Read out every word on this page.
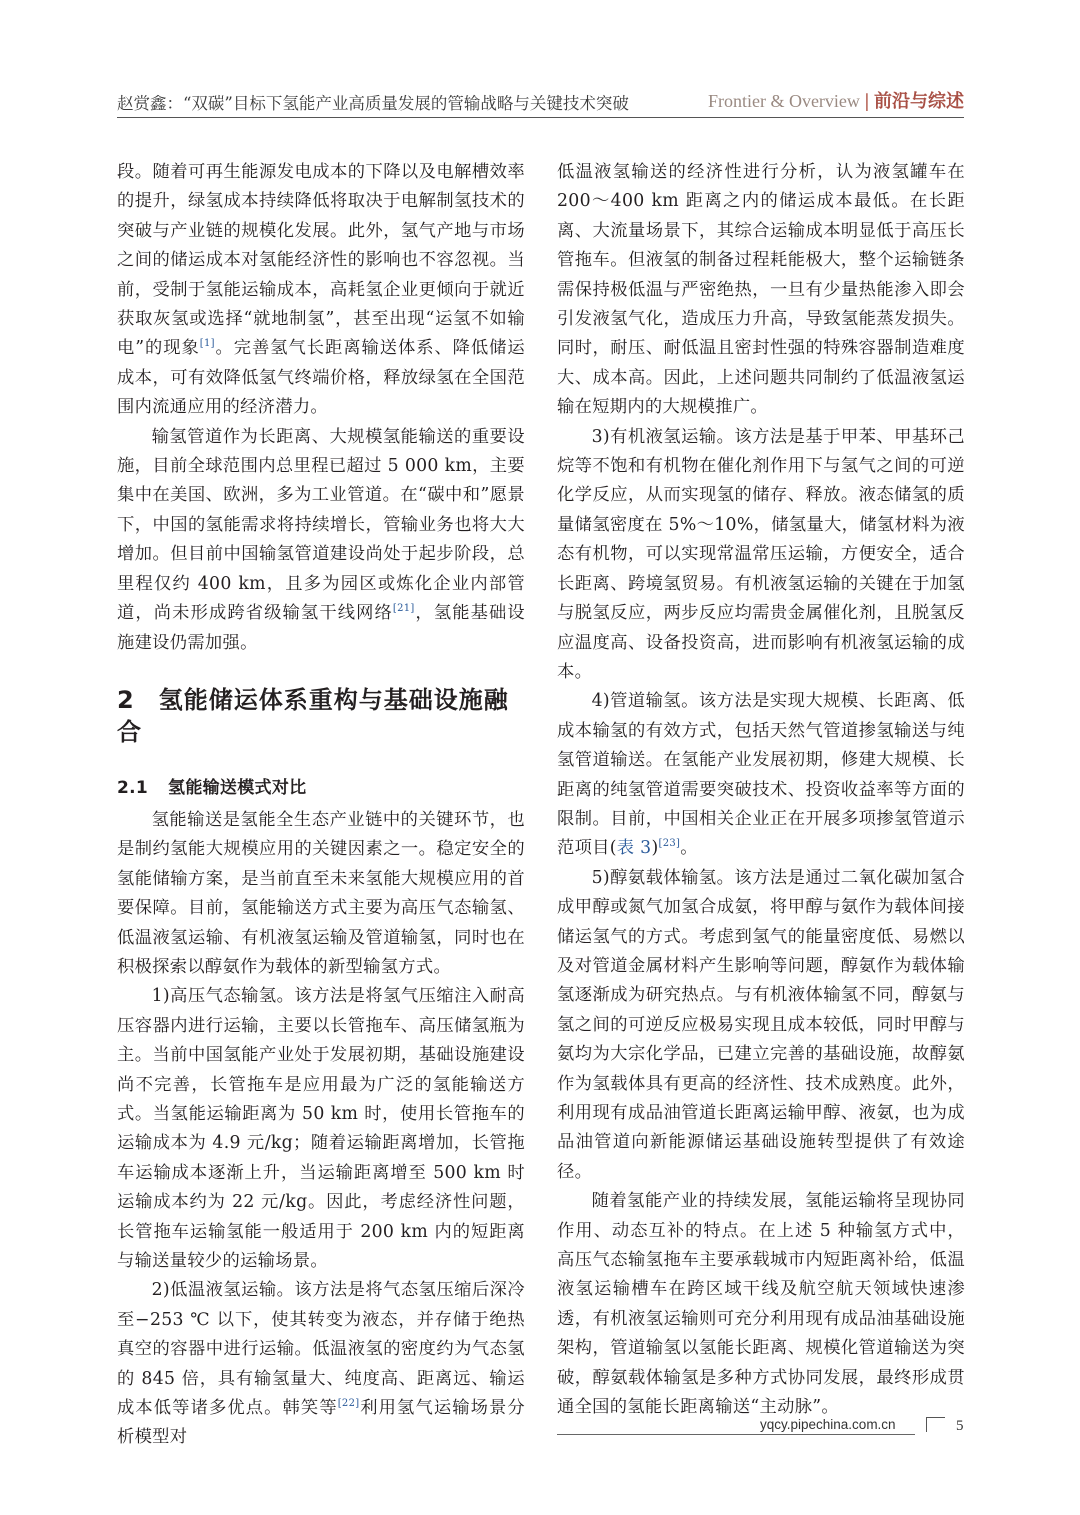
赵赏鑫：“双碳”目标下氢能产业高质量发展的管输战略与关键技术突破	Frontier & Overview | 前沿与综述

段。随着可再生能源发电成本的下降以及电解槽效率的提升，绿氢成本持续降低将取决于电解制氢技术的突破与产业链的规模化发展。此外，氢气产地与市场之间的储运成本对氢能经济性的影响也不容忽视。当前，受制于氢能运输成本，高耗氢企业更倾向于就近获取灰氢或选择“就地制氢”，甚至出现“运氢不如输电”的现象[1]。完善氢气长距离输送体系、降低储运成本，可有效降低氢气终端价格，释放绿氢在全国范围内流通应用的经济潜力。

输氢管道作为长距离、大规模氢能输送的重要设施，目前全球范围内总里程已超过 5 000 km，主要集中在美国、欧洲，多为工业管道。在“碳中和”愿景下，中国的氢能需求将持续增长，管输业务也将大大增加。但目前中国输氢管道建设尚处于起步阶段，总里程仅约 400 km，且多为园区或炼化企业内部管道，尚未形成跨省级输氢干线网络[21]，氢能基础设施建设仍需加强。

2 氢能储运体系重构与基础设施融合
2.1 氢能输送模式对比

氢能输送是氢能全生态产业链中的关键环节，也是制约氢能大规模应用的关键因素之一。稳定安全的氢能储输方案，是当前直至未来氢能大规模应用的首要保障。目前，氢能输送方式主要为高压气态输氢、低温液氢运输、有机液氢运输及管道输氢，同时也在积极探索以醇氨作为载体的新型输氢方式。

1)高压气态输氢。该方法是将氢气压缩注入耐高压容器内进行运输，主要以长管拖车、高压储氢瓶为主。当前中国氢能产业处于发展初期，基础设施建设尚不完善，长管拖车是应用最为广泛的氢能输送方式。当氢能运输距离为 50 km 时，使用长管拖车的运输成本为 4.9 元/kg；随着运输距离增加，长管拖车运输成本逐渐上升，当运输距离增至 500 km 时运输成本约为 22 元/kg。因此，考虑经济性问题，长管拖车运输氢能一般适用于 200 km 内的短距离与输送量较少的运输场景。

2)低温液氢运输。该方法是将气态氢压缩后深冷至−253 ℃ 以下，使其转变为液态，并存储于绝热真空的容器中进行运输。低温液氢的密度约为气态氢的 845 倍，具有输氢量大、纯度高、距离远、输运成本低等诸多优点。韩笑等[22]利用氢气运输场景分析模型对

低温液氢输送的经济性进行分析，认为液氢罐车在 200～400 km 距离之内的储运成本最低。在长距离、大流量场景下，其综合运输成本明显低于高压长管拖车。但液氢的制备过程耗能极大，整个运输链条需保持极低温与严密绝热，一旦有少量热能渗入即会引发液氢气化，造成压力升高，导致氢能蒸发损失。同时，耐压、耐低温且密封性强的特殊容器制造难度大、成本高。因此，上述问题共同制约了低温液氢运输在短期内的大规模推广。

3)有机液氢运输。该方法是基于甲苯、甲基环己烷等不饱和有机物在催化剂作用下与氢气之间的可逆化学反应，从而实现氢的储存、释放。液态储氢的质量储氢密度在 5%～10%，储氢量大，储氢材料为液态有机物，可以实现常温常压运输，方便安全，适合长距离、跨境氢贸易。有机液氢运输的关键在于加氢与脱氢反应，两步反应均需贵金属催化剂，且脱氢反应温度高、设备投资高，进而影响有机液氢运输的成本。

4)管道输氢。该方法是实现大规模、长距离、低成本输氢的有效方式，包括天然气管道掺氢输送与纯氢管道输送。在氢能产业发展初期，修建大规模、长距离的纯氢管道需要突破技术、投资收益率等方面的限制。目前，中国相关企业正在开展多项掺氢管道示范项目(表 3)[23]。

5)醇氨载体输氢。该方法是通过二氧化碳加氢合成甲醇或氮气加氢合成氨，将甲醇与氨作为载体间接储运氢气的方式。考虑到氢气的能量密度低、易燃以及对管道金属材料产生影响等问题，醇氨作为载体输氢逐渐成为研究热点。与有机液体输氢不同，醇氨与氢之间的可逆反应极易实现且成本较低，同时甲醇与氨均为大宗化学品，已建立完善的基础设施，故醇氨作为氢载体具有更高的经济性、技术成熟度。此外，利用现有成品油管道长距离运输甲醇、液氨，也为成品油管道向新能源储运基础设施转型提供了有效途径。

随着氢能产业的持续发展，氢能运输将呈现协同作用、动态互补的特点。在上述 5 种输氢方式中，高压气态输氢拖车主要承载城市内短距离补给，低温液氢运输槽车在跨区域干线及航空航天领域快速渗透，有机液氢运输则可充分利用现有成品油基础设施架构，管道输氢以氢能长距离、规模化管道输送为突破，醇氨载体输氢是多种方式协同发展，最终形成贯通全国的氢能长距离输送“主动脉”。

yqcy.pipechina.com.cn	5
